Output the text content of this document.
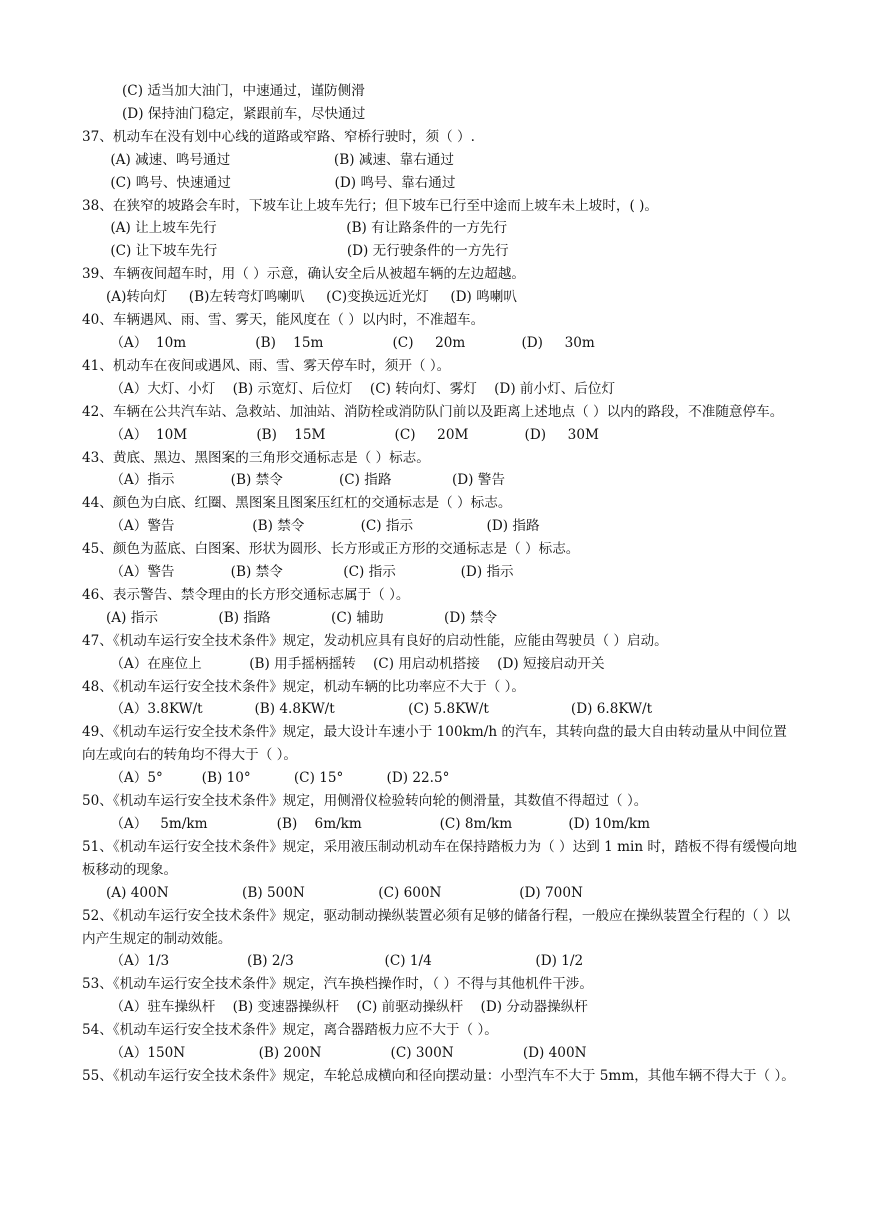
(C) 适当加大油门，中速通过，谨防侧滑
(D) 保持油门稳定，紧跟前车，尽快通过
37、机动车在没有划中心线的道路或窄路、窄桥行驶时，须（ ）.
(A) 减速、鸣号通过                        (B) 减速、靠右通过
(C) 鸣号、快速通过                        (D) 鸣号、靠右通过
38、在狭窄的坡路会车时，下坡车让上坡车先行；但下坡车已行至中途而上坡车未上坡时，( )。
(A) 让上坡车先行                              (B) 有让路条件的一方先行
(C) 让下坡车先行                              (D) 无行驶条件的一方先行
39、车辆夜间超车时，用（ ）示意，确认安全后从被超车辆的左边超越。
(A)转向灯     (B)左转弯灯鸣喇叭     (C)变换远近光灯     (D) 鸣喇叭
40、车辆遇风、雨、雪、雾天，能风度在（ ）以内时，不准超车。
（A）  10m                (B)    15m                (C)     20m             (D)     30m
41、机动车在夜间或遇风、雨、雪、雾天停车时，须开（ ）。
（A）大灯、小灯    (B) 示宽灯、后位灯    (C) 转向灯、雾灯    (D) 前小灯、后位灯
42、车辆在公共汽车站、急救站、加油站、消防栓或消防队门前以及距离上述地点（ ）以内的路段，不准随意停车。
（A）  10M                (B)    15M                (C)     20M             (D)     30M
43、黄底、黑边、黑图案的三角形交通标志是（ ）标志。
（A）指示             (B) 禁令             (C) 指路              (D) 警告
44、颜色为白底、红圈、黑图案且图案压红杠的交通标志是（ ）标志。
（A）警告                  (B) 禁令             (C) 指示                 (D) 指路
45、颜色为蓝底、白图案、形状为圆形、长方形或正方形的交通标志是（ ）标志。
（A）警告             (B) 禁令              (C) 指示               (D) 指示
46、表示警告、禁令理由的长方形交通标志属于（ ）。
(A) 指示              (B) 指路              (C) 辅助              (D) 禁令
47、《机动车运行安全技术条件》规定，发动机应具有良好的启动性能，应能由驾驶员（ ）启动。
（A）在座位上           (B) 用手摇柄摇转    (C) 用启动机搭接    (D) 短接启动开关
48、《机动车运行安全技术条件》规定，机动车辆的比功率应不大于（ ）。
（A）3.8KW/t            (B) 4.8KW/t                 (C) 5.8KW/t                   (D) 6.8KW/t
49、《机动车运行安全技术条件》规定，最大设计车速小于 100km/h 的汽车，其转向盘的最大自由转动量从中间位置向左或向右的转角均不得大于（ ）。
（A）5°         (B) 10°          (C) 15°          (D) 22.5°
50、《机动车运行安全技术条件》规定，用侧滑仪检验转向轮的侧滑量，其数值不得超过（ ）。
（A）   5m/km                (B)    6m/km                  (C) 8m/km             (D) 10m/km
51、《机动车运行安全技术条件》规定，采用液压制动机动车在保持踏板力为（ ）达到 1 min 时，踏板不得有缓慢向地板移动的现象。
(A) 400N                 (B) 500N                 (C) 600N                  (D) 700N
52、《机动车运行安全技术条件》规定，驱动制动操纵装置必须有足够的储备行程，一般应在操纵装置全行程的（ ）以内产生规定的制动效能。
（A）1/3                  (B) 2/3                     (C) 1/4                        (D) 1/2
53、《机动车运行安全技术条件》规定，汽车换档操作时，（ ）不得与其他机件干涉。
（A）驻车操纵杆    (B) 变速器操纵杆    (C) 前驱动操纵杆    (D) 分动器操纵杆
54、《机动车运行安全技术条件》规定，离合器踏板力应不大于（ ）。
（A）150N                 (B) 200N                (C) 300N                (D) 400N
55、《机动车运行安全技术条件》规定，车轮总成横向和径向摆动量：小型汽车不大于 5mm，其他车辆不得大于（ ）。
